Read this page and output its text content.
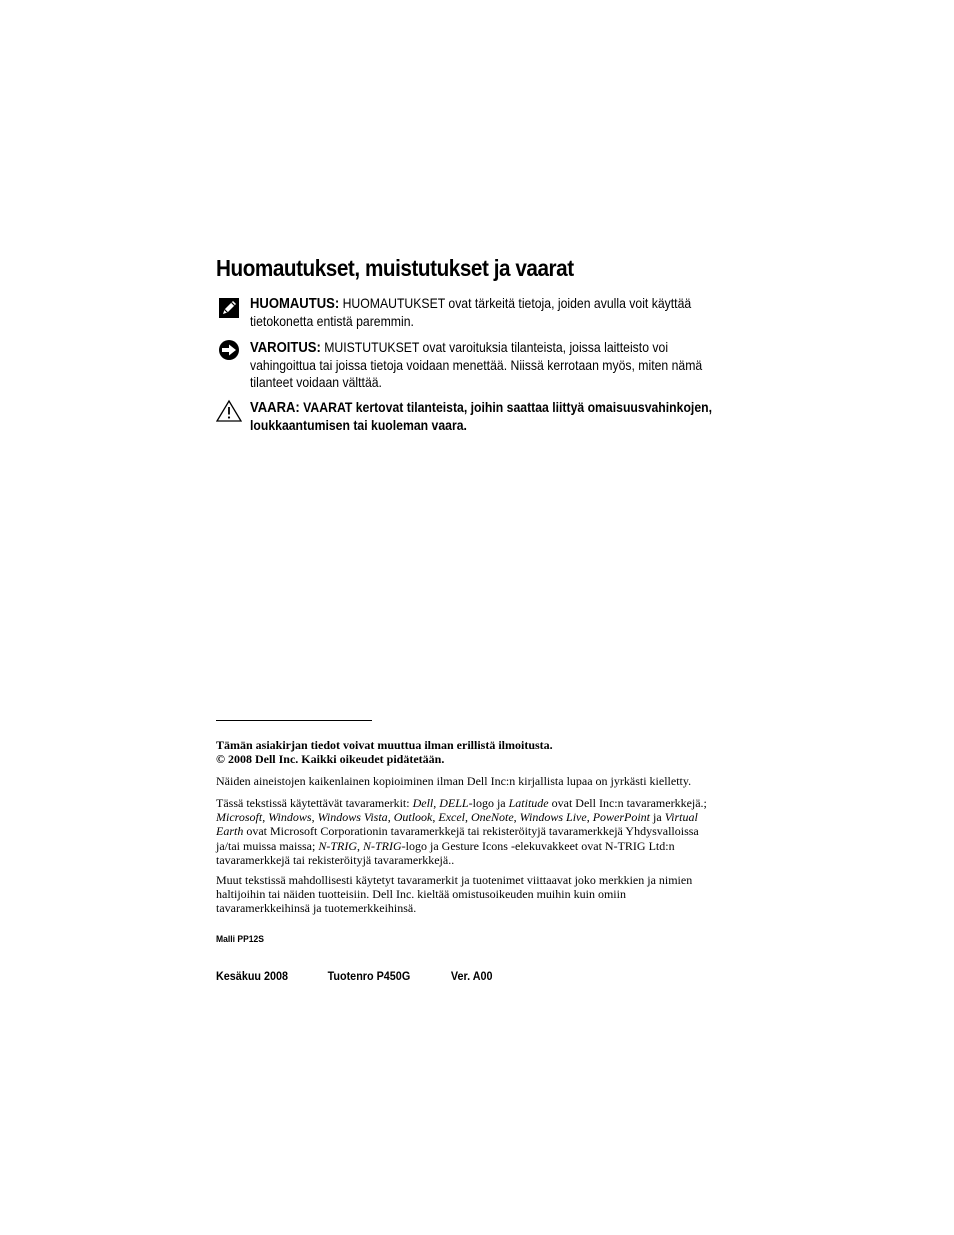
Huomautukset, muistutukset ja vaarat
HUOMAUTUS: HUOMAUTUKSET ovat tärkeitä tietoja, joiden avulla voit käyttää tietokonetta entistä paremmin.
VAROITUS: MUISTUTUKSET ovat varoituksia tilanteista, joissa laitteisto voi vahingoittua tai joissa tietoja voidaan menettää. Niissä kerrotaan myös, miten nämä tilanteet voidaan välttää.
VAARA: VAARAT kertovat tilanteista, joihin saattaa liittyä omaisuusvahinkojen, loukkaantumisen tai kuoleman vaara.
Tämän asiakirjan tiedot voivat muuttua ilman erillistä ilmoitusta.
© 2008 Dell Inc. Kaikki oikeudet pidätetään.
Näiden aineistojen kaikenlainen kopioiminen ilman Dell Inc:n kirjallista lupaa on jyrkästi kielletty.
Tässä tekstissä käytettävät tavaramerkit: Dell, DELL-logo ja Latitude ovat Dell Inc:n tavaramerkkejä.; Microsoft, Windows, Windows Vista, Outlook, Excel, OneNote, Windows Live, PowerPoint ja Virtual Earth ovat Microsoft Corporationin tavaramerkkejä tai rekisteröityjä tavaramerkkejä Yhdysvalloissa ja/tai muissa maissa; N-TRIG, N-TRIG-logo ja Gesture Icons -elekuvakkeet ovat N-TRIG Ltd:n tavaramerkkejä tai rekisteröityjä tavaramerkkejä..
Muut tekstissä mahdollisesti käytetyt tavaramerkit ja tuotenimet viittaavat joko merkkien ja nimien haltijoihin tai näiden tuotteisiin. Dell Inc. kieltää omistusoikeuden muihin kuin omiin tavaramerkkeihinsä ja tuotemerkkeihinsä.
Malli PP12S
Kesäkuu 2008	Tuotenro P450G	Ver. A00
